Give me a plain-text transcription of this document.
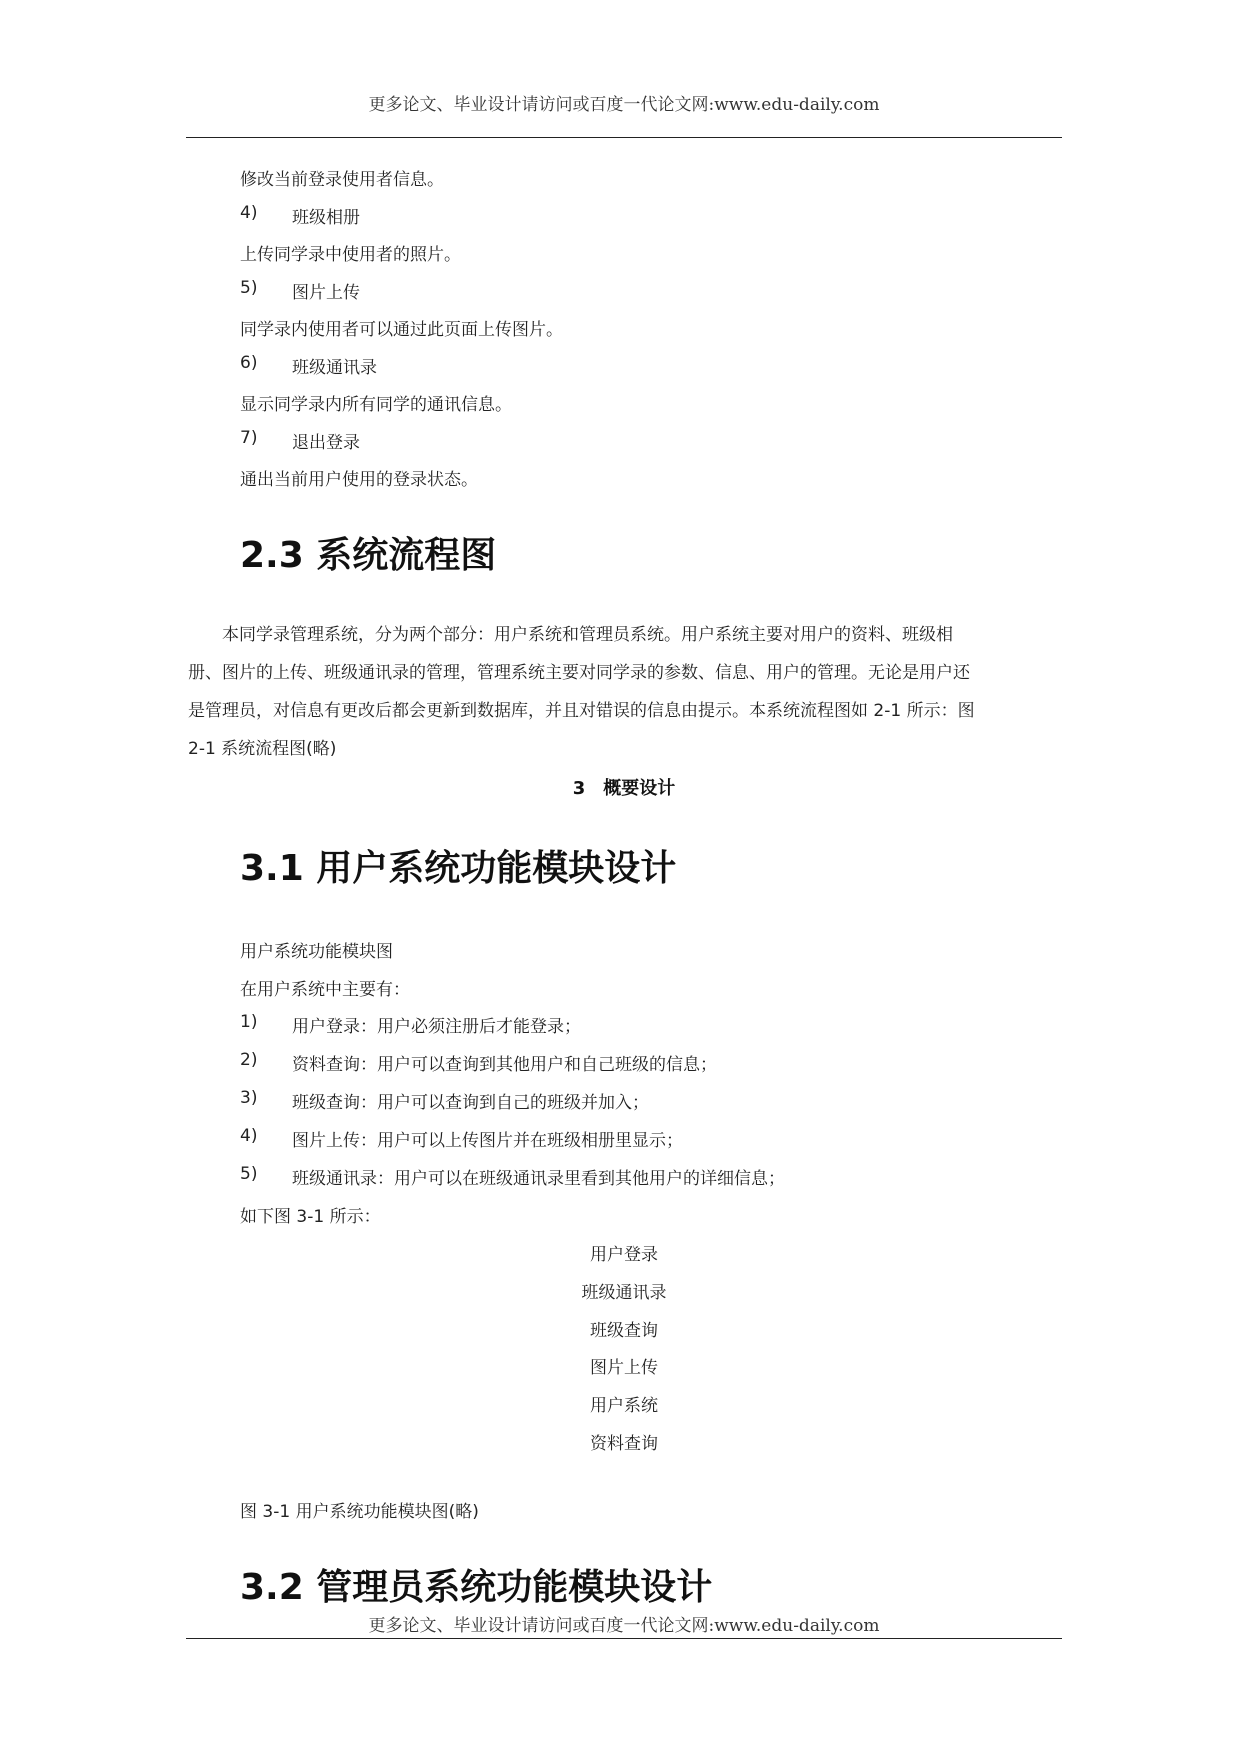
更多论文、毕业设计请访问或百度一代论文网:www.edu-daily.com
修改当前登录使用者信息。
4) 班级相册
上传同学录中使用者的照片。
5) 图片上传
同学录内使用者可以通过此页面上传图片。
6) 班级通讯录
显示同学录内所有同学的通讯信息。
7) 退出登录
通出当前用户使用的登录状态。
2.3 系统流程图

　　本同学录管理系统，分为两个部分：用户系统和管理员系统。用户系统主要对用户的资料、班级相

册、图片的上传、班级通讯录的管理，管理系统主要对同学录的参数、信息、用户的管理。无论是用户还

是管理员，对信息有更改后都会更新到数据库，并且对错误的信息由提示。本系统流程图如 2-1 所示：图

2-1 系统流程图(略)

3　概要设计
3.1 用户系统功能模块设计
用户系统功能模块图
在用户系统中主要有：
1) 用户登录：用户必须注册后才能登录；
2) 资料查询：用户可以查询到其他用户和自己班级的信息；
3) 班级查询：用户可以查询到自己的班级并加入；
4) 图片上传：用户可以上传图片并在班级相册里显示；
5) 班级通讯录：用户可以在班级通讯录里看到其他用户的详细信息；
如下图 3-1 所示：
用户登录
班级通讯录
班级查询
图片上传
用户系统
资料查询
图 3-1 用户系统功能模块图(略)
3.2 管理员系统功能模块设计
更多论文、毕业设计请访问或百度一代论文网:www.edu-daily.com
